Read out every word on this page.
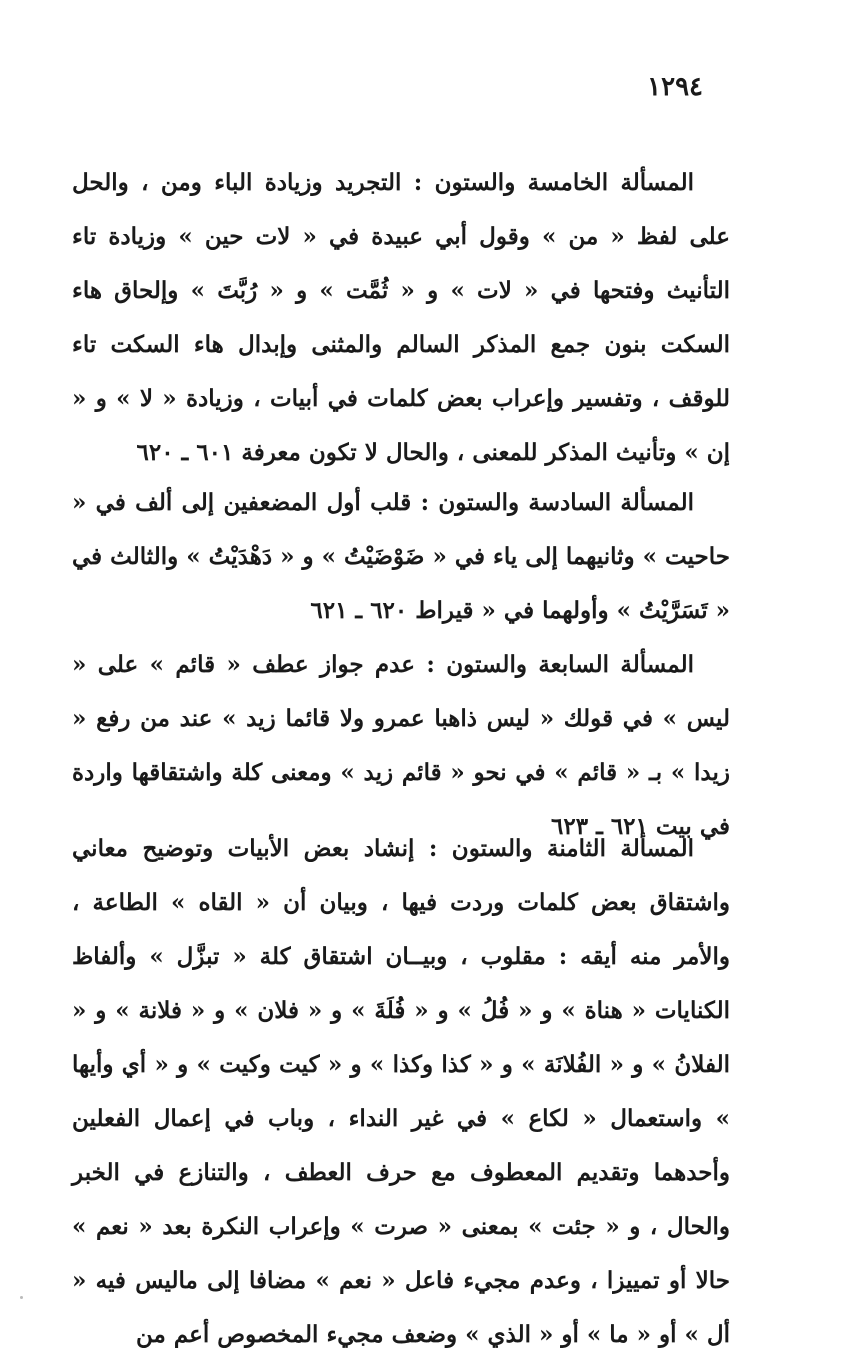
١٢٩٤

المسألة الخامسة والستون : التجريد وزيادة الباء ومن ، والحل على لفظ « من » وقول أبي عبيدة في « لات حين » وزيادة تاء التأنيث وفتحها في « لات » و « ثُمَّت » و « رُبَّتَ » وإلحاق هاء السكت بنون جمع المذكر السالم والمثنى وإبدال هاء السكت تاء للوقف ، وتفسير وإعراب بعض كلمات في أبيات ، وزيادة « لا » و « إن » وتأنيث المذكر للمعنى ، والحال لا تكون معرفة ٦٠١ ـ ٦٢٠

المسألة السادسة والستون : قلب أول المضعفين إلى ألف في « حاحيت » وثانيهما إلى ياء في « ضَوْضَيْتُ » و « دَهْدَيْتُ » والثالث في « تَسَرَّيْتُ » وأولهما في « قيراط ٦٢٠ ـ ٦٢١

المسألة السابعة والستون : عدم جواز عطف « قائم » على « ليس » في قولك « ليس ذاهبا عمرو ولا قائما زيد » عند من رفع « زيدا » بـ « قائم » في نحو « قائم زيد » ومعنى كلة واشتقاقها واردة في بيت ٦٢١ ـ ٦٢٣

المسألة الثامنة والستون : إنشاد بعض الأبيات وتوضيح معاني واشتقاق بعض كلمات وردت فيها ، وبيان أن « القاه » الطاعة ، والأمر منه أيقه : مقلوب ، وبيــان اشتقاق كلة « تبزَّل » وألفاظ الكنايات « هناة » و « فُلُ » و « فُلَةَ » و « فلان » و « فلانة » و « الفلانُ » و « الفُلانَة » و « كذا وكذا » و « كيت وكيت » و « أي وأيها » واستعمال « لكاع » في غير النداء ، وباب في إعمال الفعلين وأحدهما وتقديم المعطوف مع حرف العطف ، والتنازع في الخبر والحال ، و « جئت » بمعنى « صرت » وإعراب النكرة بعد « نعم » حالا أو تمييزا ، وعدم مجيء فاعل « نعم » مضافا إلى ماليس فيه « أل » أو « ما » أو « الذي » وضعف مجيء المخصوص أعم من
